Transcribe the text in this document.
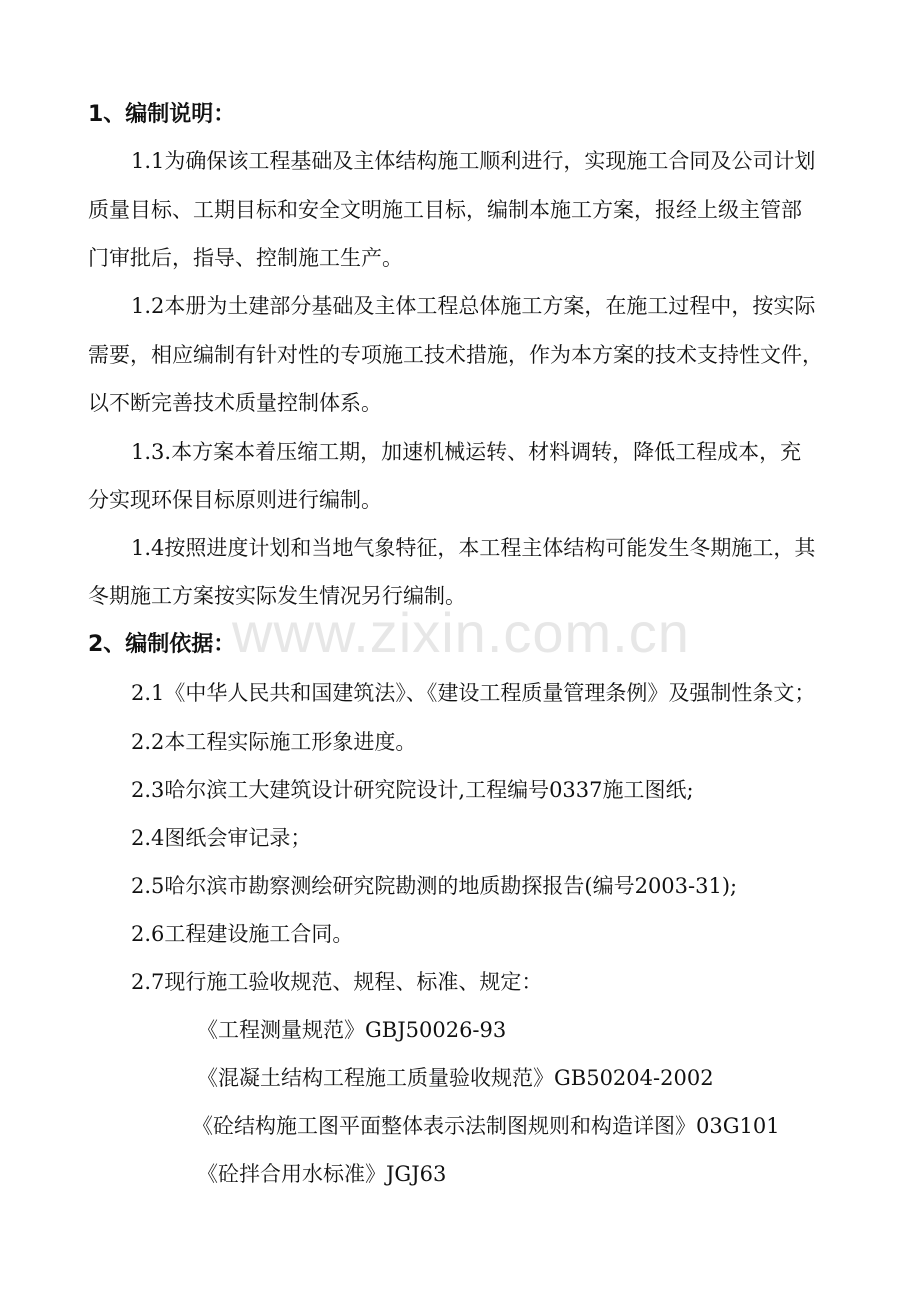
www.zixin.com.cn
1、编制说明：
1.1为确保该工程基础及主体结构施工顺利进行，实现施工合同及公司计划
质量目标、工期目标和安全文明施工目标，编制本施工方案，报经上级主管部
门审批后，指导、控制施工生产。
1.2本册为土建部分基础及主体工程总体施工方案，在施工过程中，按实际
需要，相应编制有针对性的专项施工技术措施，作为本方案的技术支持性文件，
以不断完善技术质量控制体系。
1.3.本方案本着压缩工期，加速机械运转、材料调转，降低工程成本，充
分实现环保目标原则进行编制。
1.4按照进度计划和当地气象特征，本工程主体结构可能发生冬期施工，其
冬期施工方案按实际发生情况另行编制。
2、编制依据：
2.1《中华人民共和国建筑法》、《建设工程质量管理条例》及强制性条文；
2.2本工程实际施工形象进度。
2.3哈尔滨工大建筑设计研究院设计,工程编号0337施工图纸;
2.4图纸会审记录；
2.5哈尔滨市勘察测绘研究院勘测的地质勘探报告(编号2003-31);
2.6工程建设施工合同。
2.7现行施工验收规范、规程、标准、规定：
《工程测量规范》GBJ50026-93
《混凝土结构工程施工质量验收规范》GB50204-2002
《砼结构施工图平面整体表示法制图规则和构造详图》03G101
《砼拌合用水标准》JGJ63
